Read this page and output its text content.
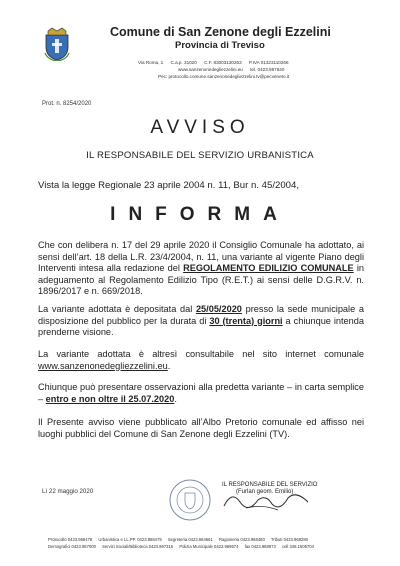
Comune di San Zenone degli Ezzelini
Provincia di Treviso
Via Roma, 1 C.a.p. 31020 C.F. 83003130263 P.IVA 01323110266
www.sanzenonedegliezzelini.eu tel. 0423.967840
Pec: protocollo.comune.sanzenonedegliezzelini.tv@pecveneto.it
Prot. n. 8254/2020
AVVISO
IL RESPONSABILE DEL SERVIZIO URBANISTICA
Vista la legge Regionale 23 aprile 2004 n. 11, Bur n. 45/2004,
INFORMA
Che con delibera n. 17 del 29 aprile 2020 il Consiglio Comunale ha adottato, ai sensi dell’art. 18 della L.R. 23/4/2004, n. 11, una variante al vigente Piano degli Interventi intesa alla redazione del REGOLAMENTO EDILIZIO COMUNALE in adeguamento al Regolamento Edilizio Tipo (R.E.T.) ai sensi delle D.G.R.V. n. 1896/2017 e n. 669/2018.
La variante adottata è depositata dal 25/05/2020 presso la sede municipale a disposizione del pubblico per la durata di 30 (trenta) giorni a chiunque intenda prenderne visione.
La variante adottata è altresì consultabile nel sito internet comunale www.sanzenonedegliezzelini.eu.
Chiunque può presentare osservazioni alla predetta variante – in carta semplice – entro e non oltre il 25.07.2020.
Il Presente avviso viene pubblicato all’Albo Pretorio comunale ed affisso nei luoghi pubblici del Comune di San Zenone degli Ezzelini (TV).
Lì 22 maggio 2020
IL RESPONSABILE DEL SERVIZIO
(Furlan geom. Emilio)
Protocollo 0423.968478 Urbanistica e LL.PP. 0423.968479 Segreteria 0423.964661 Ragioneria 0423.968460 Tributi 0423.968280
Demografici 0423.967000 Servizi Sociali/Biblioteca 0423.967315 Polizia Municipale 0423.969674 fax 0423.968673 cell 348.1506704
